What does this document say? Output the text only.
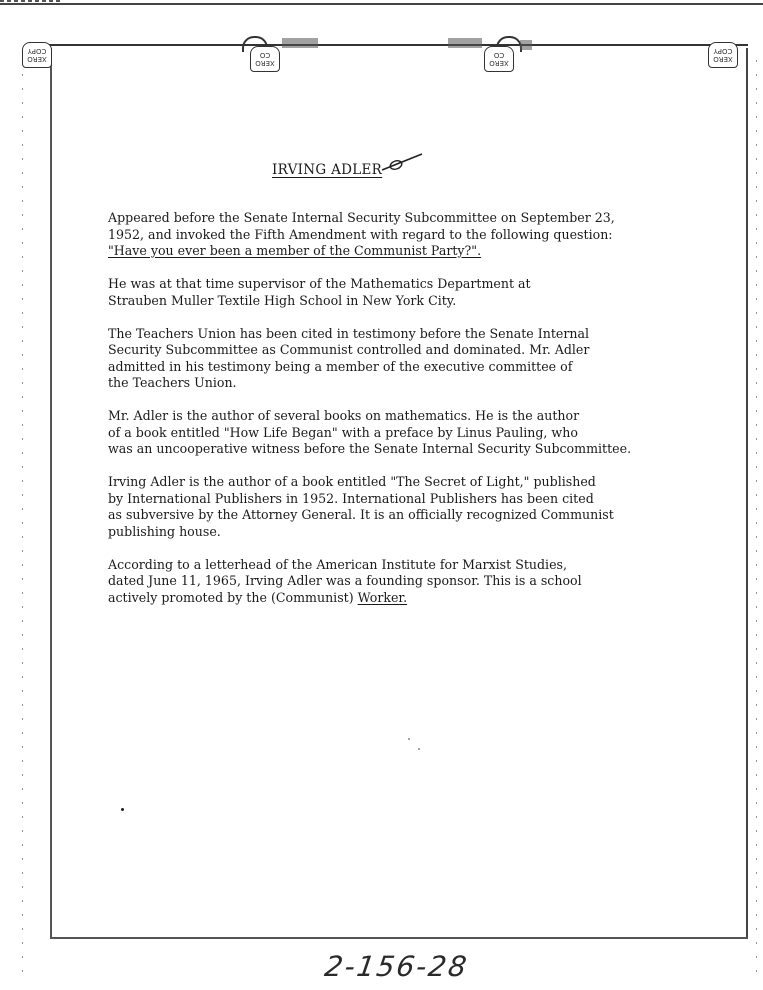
XERO COPY
XERO CO
XERO CO	XERO COPY
IRVING ADLER

Appeared before the Senate Internal Security Subcommittee on September 23,
1952, and invoked the Fifth Amendment with regard to the following question:
"Have you ever been a member of the Communist Party?".

He was at that time supervisor of the Mathematics Department at
Strauben Muller Textile High School in New York City.

The Teachers Union has been cited in testimony before the Senate Internal
Security Subcommittee as Communist controlled and dominated. Mr. Adler
admitted in his testimony being a member of the executive committee of
the Teachers Union.

Mr. Adler is the author of several books on mathematics. He is the author
of a book entitled "How Life Began" with a preface by Linus Pauling, who
was an uncooperative witness before the Senate Internal Security Subcommittee.

Irving Adler is the author of a book entitled "The Secret of Light," published
by International Publishers in 1952. International Publishers has been cited
as subversive by the Attorney General. It is an officially recognized Communist
publishing house.

According to a letterhead of the American Institute for Marxist Studies,
dated June 11, 1965, Irving Adler was a founding sponsor. This is a school
actively promoted by the (Communist) Worker.

2-156-28
